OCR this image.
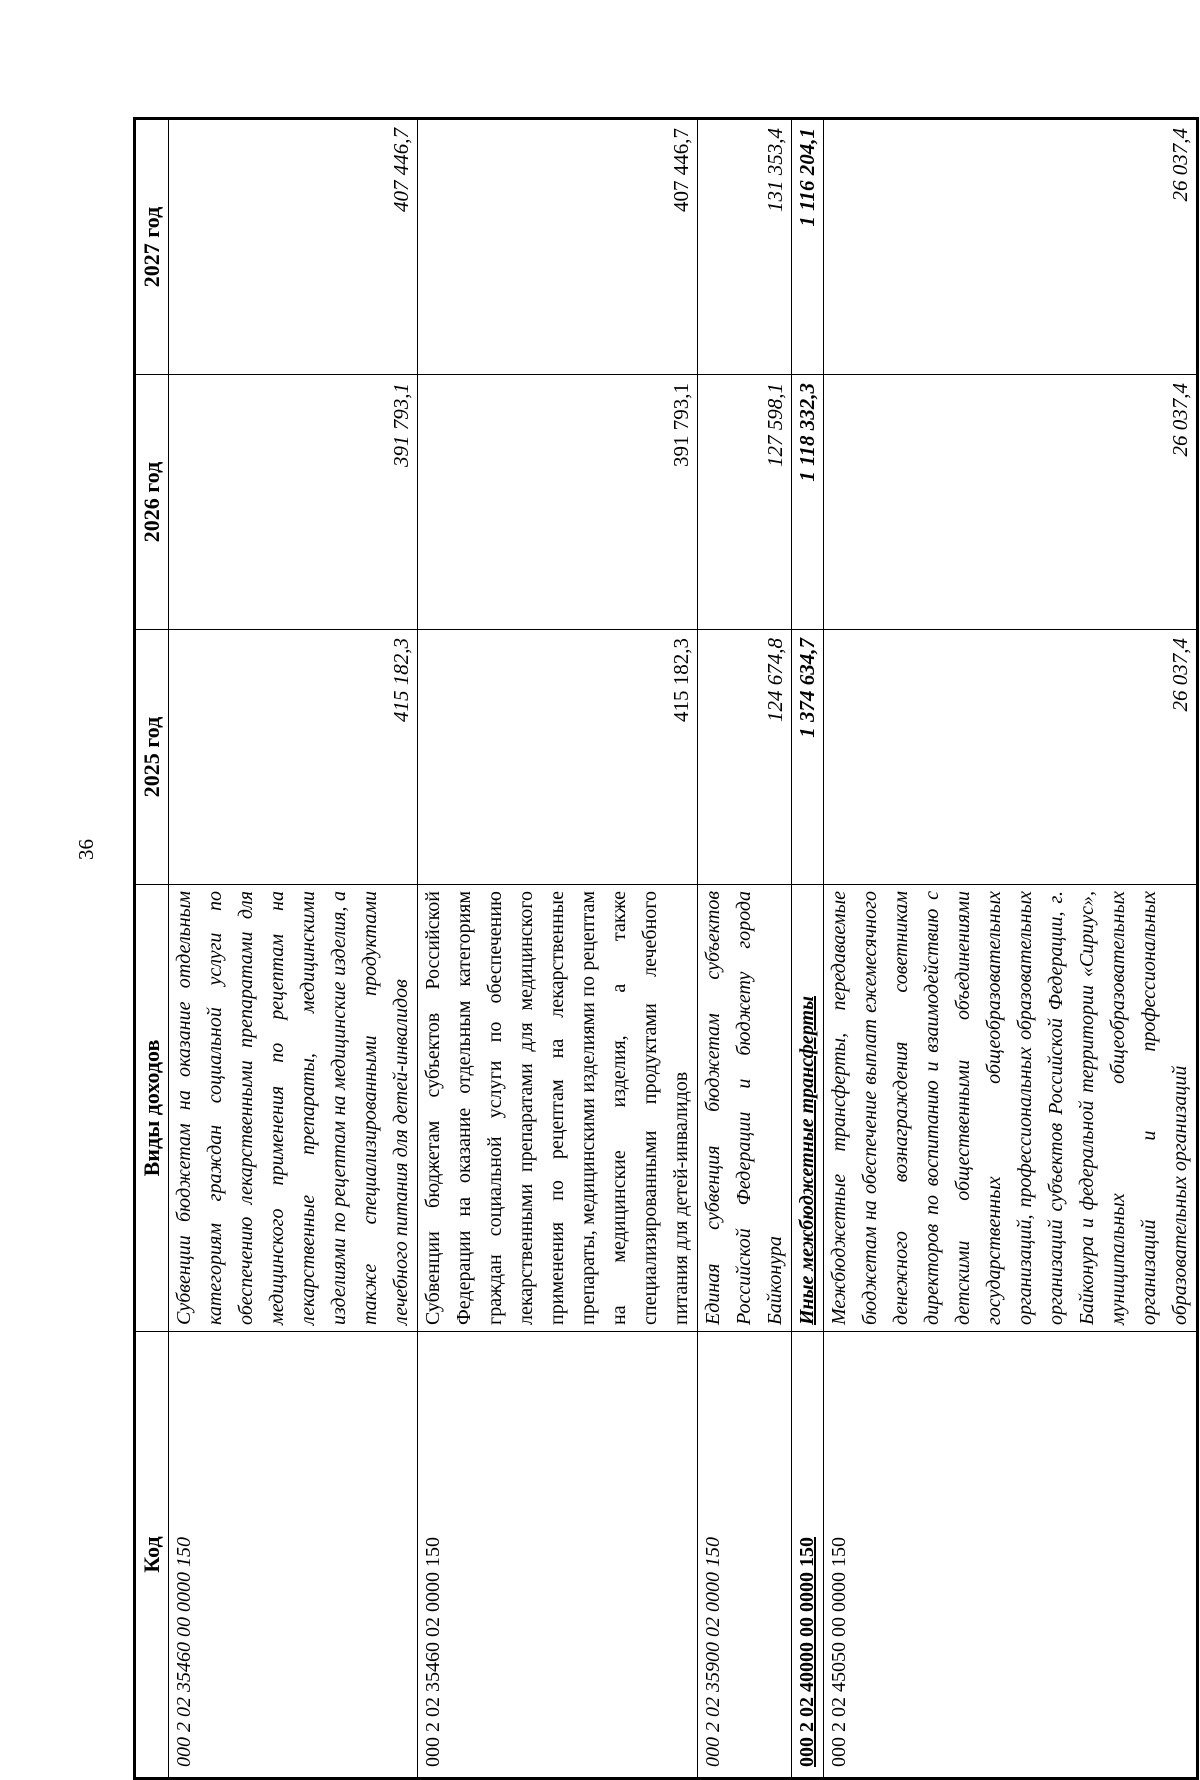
36
Код	Виды доходов	2025 год	2026 год	2027 год
000 2 02 35460 00 0000 150	Субвенции бюджетам на оказание отдельным категориям граждан социальной услуги по обеспечению лекарственными препаратами для медицинского применения по рецептам на лекарственные препараты, медицинскими изделиями по рецептам на медицинские изделия, а также специализированными продуктами лечебного питания для детей-инвалидов	415 182,3	391 793,1	407 446,7
000 2 02 35460 02 0000 150	Субвенции бюджетам субъектов Российской Федерации на оказание отдельным категориям граждан социальной услуги по обеспечению лекарственными препаратами для медицинского применения по рецептам на лекарственные препараты, медицинскими изделиями по рецептам на медицинские изделия, а также специализированными продуктами лечебного питания для детей-инвалидов	415 182,3	391 793,1	407 446,7
000 2 02 35900 02 0000 150	Единая субвенция бюджетам субъектов Российской Федерации и бюджету города Байконура	124 674,8	127 598,1	131 353,4
000 2 02 40000 00 0000 150	Иные межбюджетные трансферты	1 374 634,7	1 118 332,3	1 116 204,1
000 2 02 45050 00 0000 150	Межбюджетные трансферты, передаваемые бюджетам на обеспечение выплат ежемесячного денежного вознаграждения советникам директоров по воспитанию и взаимодействию с детскими общественными объединениями государственных общеобразовательных организаций, профессиональных образовательных организаций субъектов Российской Федерации, г. Байконура и федеральной территории «Сириус», муниципальных общеобразовательных организаций и профессиональных образовательных организаций	26 037,4	26 037,4	26 037,4
